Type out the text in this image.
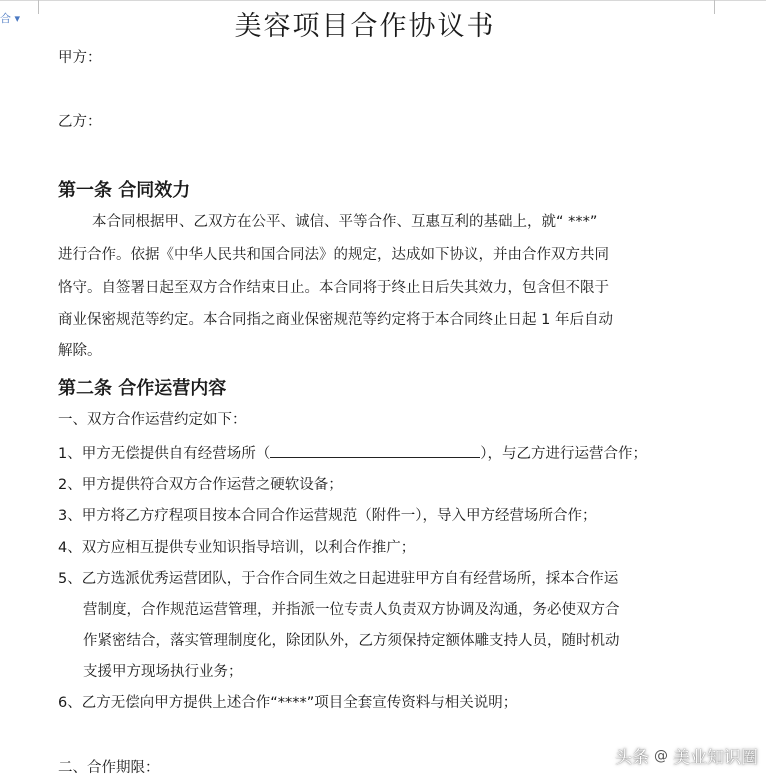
合 ▾	美容项目合作协议书
甲方：
乙方：
第一条 合同效力
本合同根据甲、乙双方在公平、诚信、平等合作、互惠互利的基础上，就“ ***”
进行合作。依据《中华人民共和国合同法》的规定，达成如下协议，并由合作双方共同
恪守。自签署日起至双方合作结束日止。本合同将于终止日后失其效力，包含但不限于
商业保密规范等约定。本合同指之商业保密规范等约定将于本合同终止日起 1 年后自动
解除。
第二条 合作运营内容
一、双方合作运营约定如下：
1、甲方无偿提供自有经营场所（	），与乙方进行运营合作；
2、甲方提供符合双方合作运营之硬软设备；
3、甲方将乙方疗程项目按本合同合作运营规范（附件一），导入甲方经营场所合作；
4、双方应相互提供专业知识指导培训，以利合作推广；
5、乙方选派优秀运营团队，于合作合同生效之日起进驻甲方自有经营场所，採本合作运
营制度，合作规范运营管理，并指派一位专责人负责双方协调及沟通，务必使双方合
作紧密结合，落实管理制度化，除团队外，乙方须保持定额体雕支持人员，随时机动
支援甲方现场执行业务；
6、乙方无偿向甲方提供上述合作“****”项目全套宣传资料与相关说明；
二、合作期限：	头条 @ 美业知识圈
